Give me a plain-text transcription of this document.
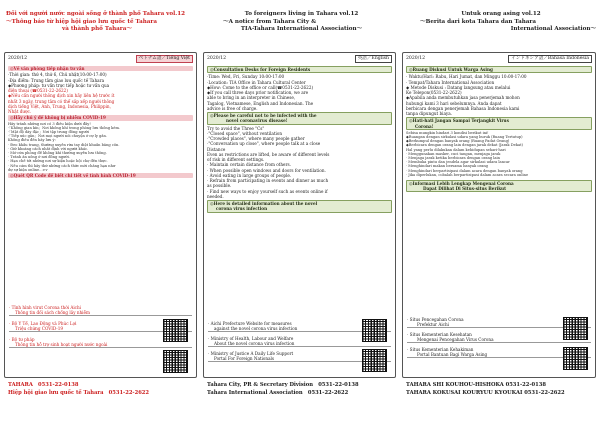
Đối với người nước ngoài sống ở thành phố Tahara vol.12
～Thông báo từ hiệp hội giao lưu quốc tế Tahara
và thành phố Tahara～
2020/12	ベトナム語／Tiếng Việt
◎Về văn phòng tiếp nhận tư vấn
·Thời gian: thứ 4, thứ 6, Chủ nhật(10:00-17:00)
·Địa điểm: Trung tâm giao lưu quốc tế Tahara
◆Phương pháp: tư vấn trực tiếp hoặc tư vấn qua
điện thoại (☎0531-22-2622)
◆Nếu cần người thông dịch xin hãy liên hệ trước ít
nhất 3 ngày, trung tâm có thể sắp xếp người thông
dịch tiếng Việt, Anh, Trung, Indonesia, Philippin,
Nhật được.
◎Hãy chú ý để không bị nhiễm COVID-19
Hãy tránh những nơi có 3 điều kiện dưới đây!
·「Không gian kín」Nơi không khí trong phòng lưu thông kém.
·「Mật độ dày đặc」Nơi tập trung đông người
·「Tiếp xúc gần」Nơi mọi người nói chuyện ở cự ly gần.
Không điều đến hãy lưu ý:
· Đeo khẩu trang, thường xuyên rửa tay diệt khuẩn bằng cồn.
· Giữ khoảng cách nhất định với người khác.
· Mở cửa phòng để không khí thường xuyên lưu thông.
· Tránh ăn uống ở nơi đông người.
· Hạn chế tới những nơi sự kiện hoặc hội chợ đến thực.
· Nếu cảm thì hãy thử những cách thức mới chẳng hạn như
dự sự kiện online…v.v
◎Quét QR Code để biết chi tiết về tình hình COVID-19
· Tỉnh hình virut Corona thời Aichi
Thông tin đối sách chống lây nhiễm
· Bộ Y Tế, Lao Động và Phúc Lợi
Triệu chứng COVID-19
· Bộ tư pháp
Thông tin hỗ trợ sinh hoạt người nước ngoài
TAHARA　0531-22-0138
Hiệp hội giao lưu quốc tế Tahara　0531-22-2622
To foreigners living in Tahara vol.12
～A notice from Tahara City &
TIA-Tahara International Association～
2020/12	英語／English
◎Consultation Desks for Foreign Residents
·Time: Wed, Fri, Sunday 10:00-17:00
·Location: TIA Office in Tahara Cultural Center
◆How: Come to the office or call(☎0531-22-2622)
◆If you call three days prior notification, we are
able to bring in an interpreter in Chinese,
Tagalog, Vietnamese, English and Indonesian. The
advice is free of charge.
◎Please be careful not to be infected with the
novel coronavirus disease!
Try to avoid the Three "Cs"
·"Closed space", without ventilation
·"Crowded places", where many people gather
·"Conversation up close", where people talk at a close
Distance
Even as restrictions are lifted, be aware of different levels
of risk in different settings.
· Maintain certain distance from others.
· When possible open windows and doors for ventilation.
· Avoid eating in large groups of people.
· Refrain from participating in events and dinner as much
as possible.
· Find new ways to enjoy yourself such as events online if
needed.
◎Here is detailed information about the novel
corona virus infection
· Aichi Prefecture Website for measures
against the novel corona virus infection
· Ministry of Health, Labour and Welfare
About the novel corona virus infection
· Ministry of Justice A Daily Life Support
Portal For Foreign Nationals
Tahara City, PR & Secretary Division　0531-22-0138
Tahara International Association　0531-22-2622
Untuk orang asing vol.12
～Berita dari kota Tahara dan Tahara
International Association～
2020/12	インドネシア語／Bahasa Indonesia
◎Ruang Diskusi Untuk Warga Asing
· Waktu/Hari: Rabu, Hari Jumat, dan Minggu 10:00-17:00
· Tempat/Tahara International Association
◆ Metode Diskusi : Datang langsung atau melalui
Ke Telepon(0531-22-2622)
◆Apabila anda membutuhkan jasa penerjemah mohon
hubungi kami 3 hari sebelumnya. Anda dapat
berbicara dengan penerjemah Bahasa Indonesia kami
tanpa dipungut biaya.
◎Hati-hati Jangan Sampai Terjangkit Virus
Corona!
Sebisa mungkin hindari 3 kondisi berikut ini!
◆Ruangan dengan sirkulasi udara yang buruk (Ruang Tertutup)
◆Berkumpul dengan banyak orang (Ruang Padat Orang)
◆Berbicara dengan orang lain dengan jarak dekat (Jarak Dekat)
Hal yang perlu dilakukan dalam kehidupan sehari-hari
· Menggunakan masker, cuci tangan, menjaga jarak
· Menjaga jarak ketika berbicara dengan orang lain
· Membuka pintu dan jendela agar sirkulasi udara lancar
· Menghindari makan bersama banyak orang
· Menghindari berpartisipasi dalam acara dengan banyak orang
· Jika diperlukan, cobalah berpartisipasi dalam acara secara online
◎Informasi Lebih Lengkap Mengenai Corona
Dapat Dilihat Di Situs-situs Berikut
· Situs Pencegahan Corona
Prefektur Aichi
· Situs Kementerian Kesehatan
Mengenai Pencegahan Virus Corona
· Situs Kementerian Kehakiman
Portal Bantuan Bagi Warga Asing
TAHARA SHI KOUHOU-HISHOKA 0531-22-0138
TAHARA KOKUSAI KOURYUU KYOUKAI 0531-22-2622
